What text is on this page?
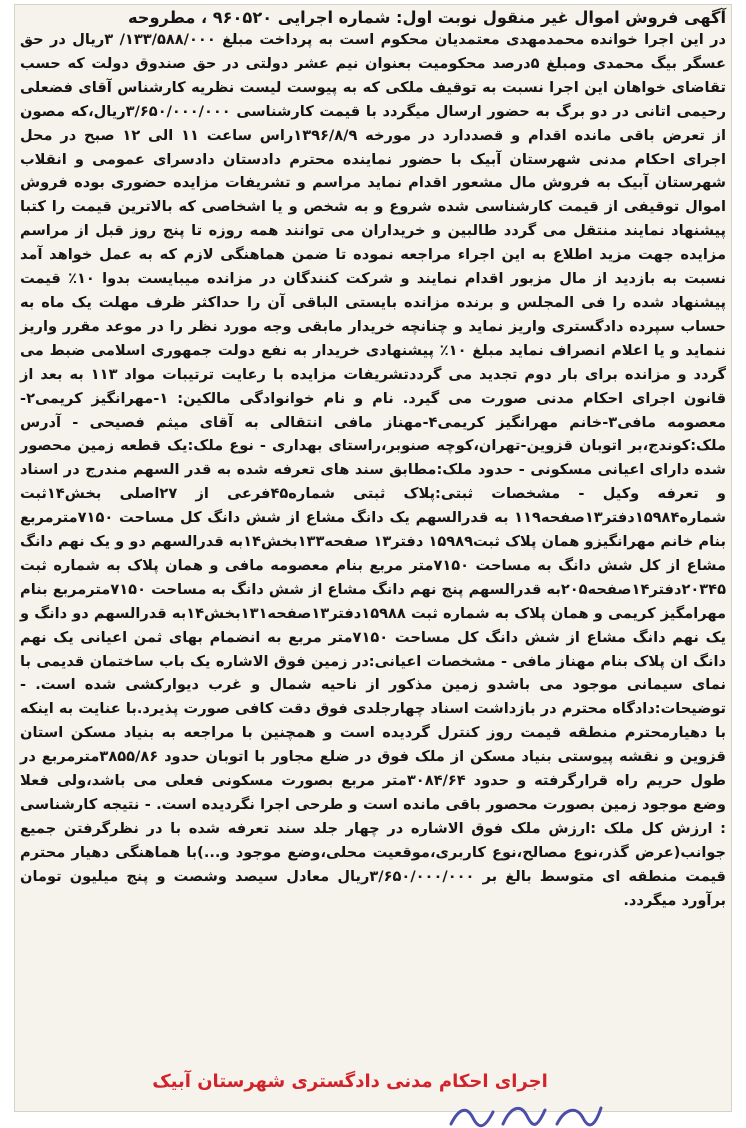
آگهی فروش اموال غیر منقول نوبت اول: شماره اجرایی ۹۶۰۵۲۰ ، مطروحه

در این اجرا خوانده محمدمهدی معتمدیان محکوم است به پرداخت مبلغ ۱۳۳/۵۸۸/۰۰۰/ ۳ریال در حق عسگر بیگ محمدی ومبلغ ۵درصد محکومیت بعنوان نیم عشر دولتی در حق صندوق دولت که حسب تقاضای خواهان این اجرا نسبت به توقیف ملکی که به پیوست لیست نظریه کارشناس آقای فضعلی رحیمی اتانی در دو برگ به حضور ارسال میگردد با قیمت کارشناسی ۳/۶۵۰/۰۰۰/۰۰۰ریال،که مصون از تعرض باقی مانده اقدام و قصددارد در مورخه ۱۳۹۶/۸/۹راس ساعت ۱۱ الی ۱۲ صبح در محل اجرای احکام مدنی شهرستان آبیک با حضور نماینده محترم دادستان دادسرای عمومی و انقلاب شهرستان آبیک به فروش مال مشعور اقدام نماید مراسم و تشریفات مزایده حضوری بوده فروش اموال توقیفی از قیمت کارشناسی شده شروع و به شخص و یا اشخاصی که بالاترین قیمت را کتبا پیشنهاد نمایند منتقل می گردد طالبین و خریداران می توانند همه روزه تا پنج روز قبل از مراسم مزایده جهت مزید اطلاع به این اجراء مراجعه نموده تا ضمن هماهنگی لازم که به عمل خواهد آمد نسبت به بازدید از مال مزبور اقدام نمایند و شرکت کنندگان در مزانده میبایست بدوا ۱۰٪ قیمت پیشنهاد شده را فی المجلس و برنده مزانده بایستی الباقی آن را حداکثر ظرف مهلت یک ماه به حساب سپرده دادگستری واریز نماید و چنانچه خریدار مابقی وجه مورد نظر را در موعد مقرر واریز ننماید و یا اعلام انصراف نماید مبلغ ۱۰٪ پیشنهادی خریدار به نفع دولت جمهوری اسلامی ضبط می گردد و مزانده برای بار دوم تجدید می گرددتشریفات مزایده با رعایت ترتیبات مواد ۱۱۳ به بعد از قانون اجرای احکام مدنی صورت می گیرد. نام و نام خوانوادگی مالکین: ۱-مهرانگیز کریمی۲-معصومه مافی۳-خانم مهرانگیز کریمی۴-مهناز مافی انتقالی به آقای میثم فصیحی - آدرس ملک:کوندج،بر اتوبان قزوین-تهران،کوچه صنوبر،راستای بهداری - نوع ملک:یک قطعه زمین محصور شده دارای اعیانی مسکونی - حدود ملک:مطابق سند های تعرفه شده به قدر السهم مندرج در اسناد و تعرفه وکیل - مشخصات ثبتی:پلاک ثبتی شماره۴۵فرعی از ۲۷اصلی بخش۱۴ثبت شماره۱۵۹۸۴دفتر۱۳صفحه۱۱۹ به قدرالسهم یک دانگ مشاع از شش دانگ کل مساحت ۷۱۵۰مترمربع بنام خانم مهرانگیزو همان پلاک ثبت۱۵۹۸۹ دفتر۱۳ صفحه۱۳۳بخش۱۴به قدرالسهم دو و یک نهم دانگ مشاع از کل شش دانگ به مساحت ۷۱۵۰متر مربع بنام معصومه مافی و همان پلاک به شماره ثبت ۲۰۳۴۵دفتر۱۴صفحه۲۰۵به قدرالسهم پنج نهم دانگ مشاع از شش دانگ به مساحت ۷۱۵۰مترمربع بنام مهرامگیز کریمی و همان پلاک به شماره ثبت ۱۵۹۸۸دفتر۱۳صفحه۱۳۱بخش۱۴به قدرالسهم دو دانگ و یک نهم دانگ مشاع از شش دانگ کل مساحت ۷۱۵۰متر مربع به انضمام بهای ثمن اعیانی یک نهم دانگ ان پلاک بنام مهناز مافی - مشخصات اعیانی:در زمین فوق الاشاره یک باب ساختمان قدیمی با نمای سیمانی موجود می باشدو زمین مذکور از ناحیه شمال و غرب دیوارکشی شده است. - توضیحات:دادگاه محترم در بازداشت اسناد چهارجلدی فوق دقت کافی صورت پذیرد.با عنایت به اینکه با دهیارمحترم منطقه قیمت روز کنترل گردیده است و همچنین با مراجعه به بنیاد مسکن استان قزوین و نقشه پیوستی بنیاد مسکن از ملک فوق در ضلع مجاور با اتوبان حدود ۳۸۵۵/۸۶مترمربع در طول حریم راه قرارگرفته و حدود ۳۰۸۴/۶۴متر مربع بصورت مسکونی فعلی می باشد،ولی فعلا وضع موجود زمین بصورت محصور باقی مانده است و طرحی اجرا نگردیده است. - نتیجه کارشناسی : ارزش کل ملک :ارزش ملک فوق الاشاره در چهار جلد سند تعرفه شده با در نظرگرفتن جمیع جوانب(عرض گذر،نوع مصالح،نوع کاربری،موقعیت محلی،وضع موجود و...)با هماهنگی دهیار محترم قیمت منطقه ای متوسط بالغ بر ۳/۶۵۰/۰۰۰/۰۰۰ریال معادل سیصد وشصت و پنج میلیون تومان برآورد میگردد.

اجرای احکام مدنی دادگستری شهرستان آبیک
